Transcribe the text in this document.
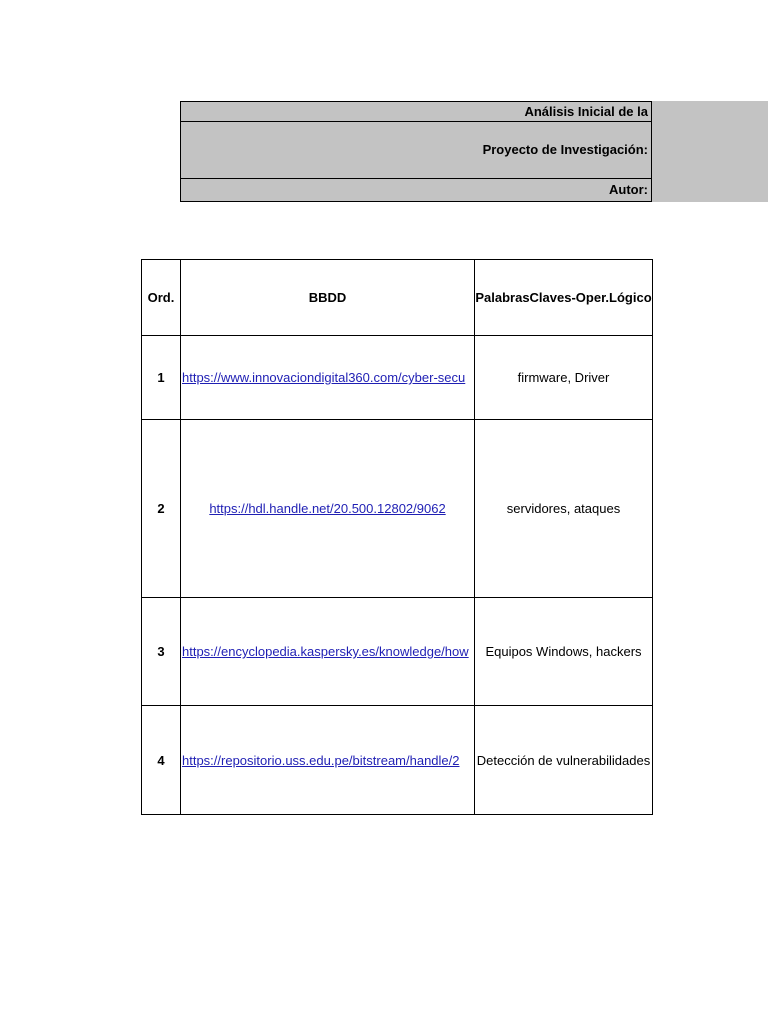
Análisis Inicial de la
Proyecto de Investigación:
Autor:
Ord.	BBDD	PalabrasClaves-Oper.Lógico
1	https://www.innovaciondigital360.com/cyber-secu	firmware, Driver
2	https://hdl.handle.net/20.500.12802/9062	servidores, ataques
3	https://encyclopedia.kaspersky.es/knowledge/how	Equipos Windows, hackers
4	https://repositorio.uss.edu.pe/bitstream/handle/2	Detección de vulnerabilidades
